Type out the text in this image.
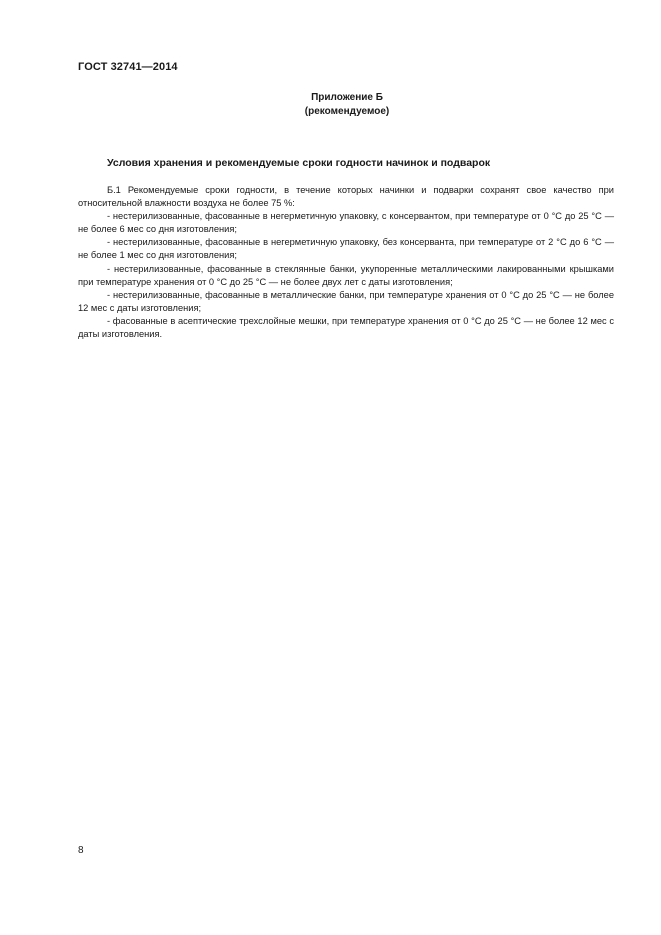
ГОСТ 32741—2014
Приложение Б
(рекомендуемое)
Условия хранения и рекомендуемые сроки годности начинок и подварок

Б.1 Рекомендуемые сроки годности, в течение которых начинки и подварки сохранят свое качество при относительной влажности воздуха не более 75 %:

- нестерилизованные, фасованные в негерметичную упаковку, с консервантом, при температуре от 0 °С до 25 °С — не более 6 мес со дня изготовления;

- нестерилизованные, фасованные в негерметичную упаковку, без консерванта, при температуре от 2 °С до 6 °С — не более 1 мес со дня изготовления;

- нестерилизованные, фасованные в стеклянные банки, укупоренные металлическими лакированными крышками при температуре хранения от 0 °С до 25 °С — не более двух лет с даты изготовления;

- нестерилизованные, фасованные в металлические банки, при температуре хранения от 0 °С до 25 °С — не более 12 мес с даты изготовления;

- фасованные в асептические трехслойные мешки, при температуре хранения от 0 °С до 25 °С — не более 12 мес с даты изготовления.

8
